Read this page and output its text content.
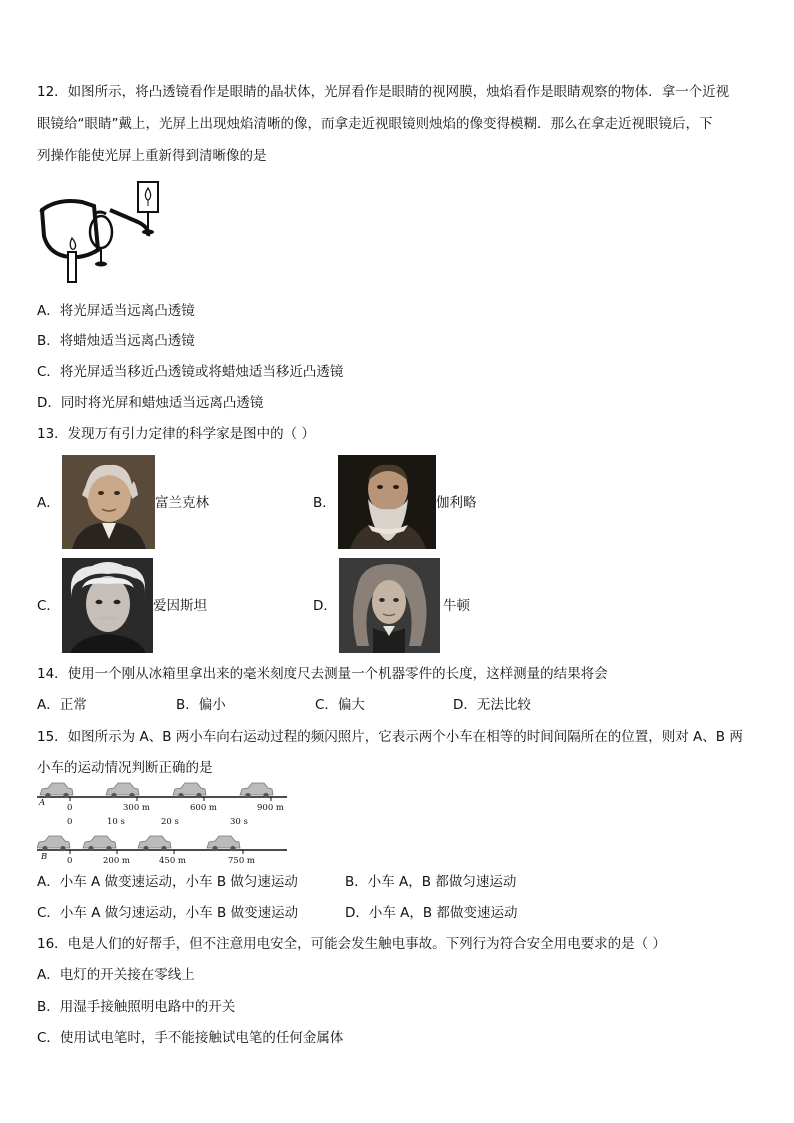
12．如图所示，将凸透镜看作是眼睛的晶状体，光屏看作是眼睛的视网膜，烛焰看作是眼睛观察的物体．拿一个近视
眼镜给“眼睛”戴上，光屏上出现烛焰清晰的像，而拿走近视眼镜则烛焰的像变得模糊．那么在拿走近视眼镜后，下
列操作能使光屏上重新得到清晰像的是
A．将光屏适当远离凸透镜
B．将蜡烛适当远离凸透镜
C．将光屏适当移近凸透镜或将蜡烛适当移近凸透镜
D．同时将光屏和蜡烛适当远离凸透镜
13．发现万有引力定律的科学家是图中的（ ）
A．	富兰克林	B．	伽利略
C．	爱因斯坦	D．	牛顿
14．使用一个刚从冰箱里拿出来的毫米刻度尺去测量一个机器零件的长度，这样测量的结果将会
A．正常	B．偏小	C．偏大	D．无法比较
15．如图所示为 A、B 两小车向右运动过程的频闪照片，它表示两个小车在相等的时间间隔所在的位置，则对 A、B 两
小车的运动情况判断正确的是
A	0	300 m	600 m	900 m
0	10 s	20 s	30 s
B 0	200 m	450 m	750 m
A．小车 A 做变速运动，小车 B 做匀速运动	B．小车 A，B 都做匀速运动
C．小车 A 做匀速运动，小车 B 做变速运动	D．小车 A，B 都做变速运动
16．电是人们的好帮手，但不注意用电安全，可能会发生触电事故。下列行为符合安全用电要求的是（ ）
A．电灯的开关接在零线上
B．用湿手接触照明电路中的开关
C．使用试电笔时，手不能接触试电笔的任何金属体
